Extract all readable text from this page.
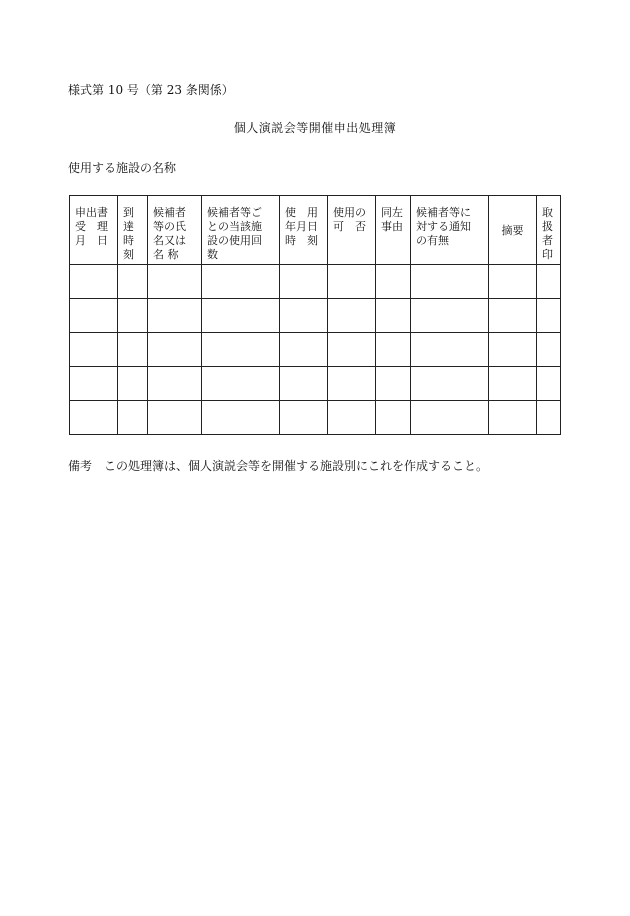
様式第 10 号（第 23 条関係）
個人演説会等開催申出処理簿
使用する施設の名称
申出書
受　理
月　日	到
達
時
刻	候補者
等の氏
名又は
名 称	候補者等ご
との当該施
設の使用回
数	使　用
年月日
時　刻	使用の
可　否	同左
事由	候補者等に
対する通知
の有無	摘要	取
扱
者
印

備考　この処理簿は、個人演説会等を開催する施設別にこれを作成すること。
